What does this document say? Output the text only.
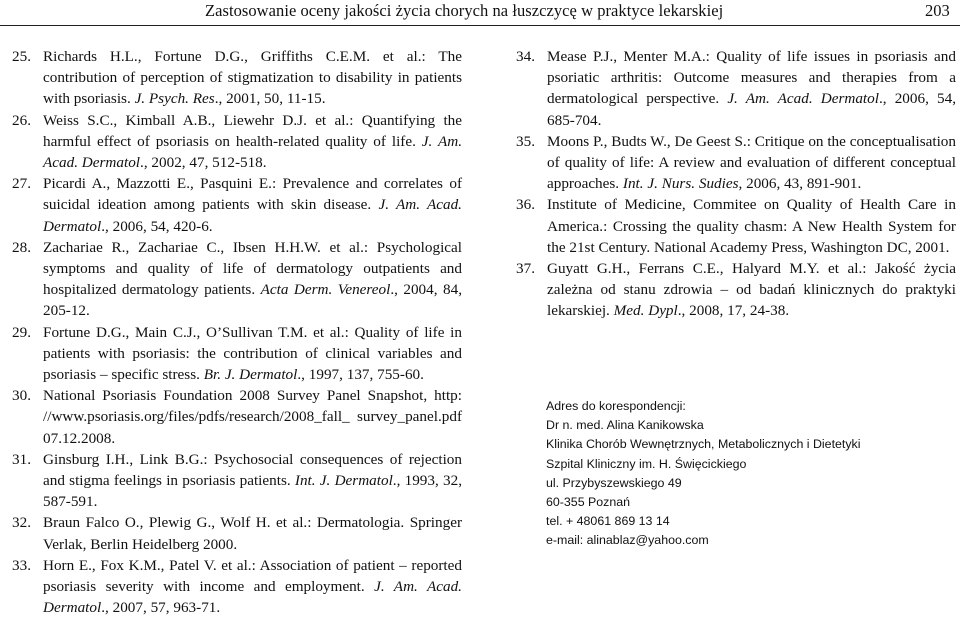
Zastosowanie oceny jakości życia chorych na łuszczycę w praktyce lekarskiej	203
25. Richards H.L., Fortune D.G., Griffiths C.E.M. et al.: The contribution of perception of stigmatization to disability in patients with psoriasis. J. Psych. Res., 2001, 50, 11-15.
26. Weiss S.C., Kimball A.B., Liewehr D.J. et al.: Quantifying the harmful effect of psoriasis on health-related quality of life. J. Am. Acad. Dermatol., 2002, 47, 512-518.
27. Picardi A., Mazzotti E., Pasquini E.: Prevalence and correlates of suicidal ideation among patients with skin disease. J. Am. Acad. Dermatol., 2006, 54, 420-6.
28. Zachariae R., Zachariae C., Ibsen H.H.W. et al.: Psychological symptoms and quality of life of dermatology outpatients and hospitalized dermatology patients. Acta Derm. Venereol., 2004, 84, 205-12.
29. Fortune D.G., Main C.J., O’Sullivan T.M. et al.: Quality of life in patients with psoriasis: the contribution of clinical variables and psoriasis – specific stress. Br. J. Dermatol., 1997, 137, 755-60.
30. National Psoriasis Foundation 2008 Survey Panel Snapshot, http: //www.psoriasis.org/files/pdfs/research/2008_fall_ survey_panel.pdf 07.12.2008.
31. Ginsburg I.H., Link B.G.: Psychosocial consequences of rejection and stigma feelings in psoriasis patients. Int. J. Dermatol., 1993, 32, 587-591.
32. Braun Falco O., Plewig G., Wolf H. et al.: Dermatologia. Springer Verlak, Berlin Heidelberg 2000.
33. Horn E., Fox K.M., Patel V. et al.: Association of patient – reported psoriasis severity with income and employment. J. Am. Acad. Dermatol., 2007, 57, 963-71.
34. Mease P.J., Menter M.A.: Quality of life issues in psoriasis and psoriatic arthritis: Outcome measures and therapies from a dermatological perspective. J. Am. Acad. Dermatol., 2006, 54, 685-704.
35. Moons P., Budts W., De Geest S.: Critique on the conceptualisation of quality of life: A review and evaluation of different conceptual approaches. Int. J. Nurs. Sudies, 2006, 43, 891-901.
36. Institute of Medicine, Commitee on Quality of Health Care in America.: Crossing the quality chasm: A New Health System for the 21st Century. National Academy Press, Washington DC, 2001.
37. Guyatt G.H., Ferrans C.E., Halyard M.Y. et al.: Jakość życia zależna od stanu zdrowia – od badań klinicznych do praktyki lekarskiej. Med. Dypl., 2008, 17, 24-38.
Adres do korespondencji:
Dr n. med. Alina Kanikowska
Klinika Chorób Wewnętrznych, Metabolicznych i Dietetyki
Szpital Kliniczny im. H. Święcickiego
ul. Przybyszewskiego 49
60-355 Poznań
tel. + 48061 869 13 14
e-mail: alinablaz@yahoo.com
